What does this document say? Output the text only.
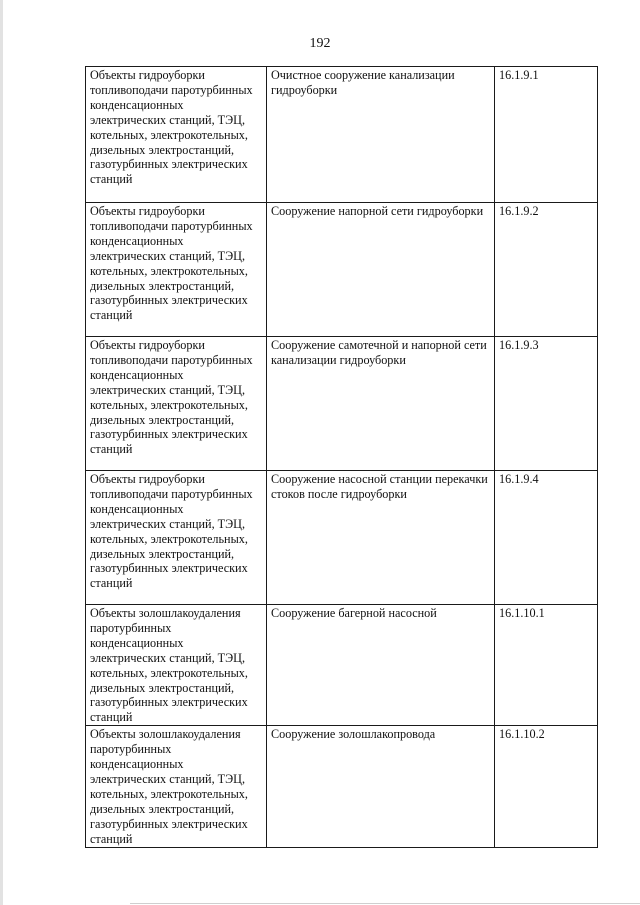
192
Объекты гидроуборки топливоподачи паротурбинных конденсационных электрических станций, ТЭЦ, котельных, электрокотельных, дизельных электростанций, газотурбинных электрических станций	Очистное сооружение канализации гидроуборки	16.1.9.1

Объекты гидроуборки топливоподачи паротурбинных конденсационных электрических станций, ТЭЦ, котельных, электрокотельных, дизельных электростанций, газотурбинных электрических станций	Сооружение напорной сети гидроуборки	16.1.9.2

Объекты гидроуборки топливоподачи паротурбинных конденсационных электрических станций, ТЭЦ, котельных, электрокотельных, дизельных электростанций, газотурбинных электрических станций	Сооружение самотечной и напорной сети канализации гидроуборки	16.1.9.3

Объекты гидроуборки топливоподачи паротурбинных конденсационных электрических станций, ТЭЦ, котельных, электрокотельных, дизельных электростанций, газотурбинных электрических станций	Сооружение насосной станции перекачки стоков после гидроуборки	16.1.9.4

Объекты золошлакоудаления паротурбинных конденсационных электрических станций, ТЭЦ, котельных, электрокотельных, дизельных электростанций, газотурбинных электрических станций	Сооружение багерной насосной	16.1.10.1

Объекты золошлакоудаления паротурбинных конденсационных электрических станций, ТЭЦ, котельных, электрокотельных, дизельных электростанций, газотурбинных электрических станций	Сооружение золошлакопровода	16.1.10.2
